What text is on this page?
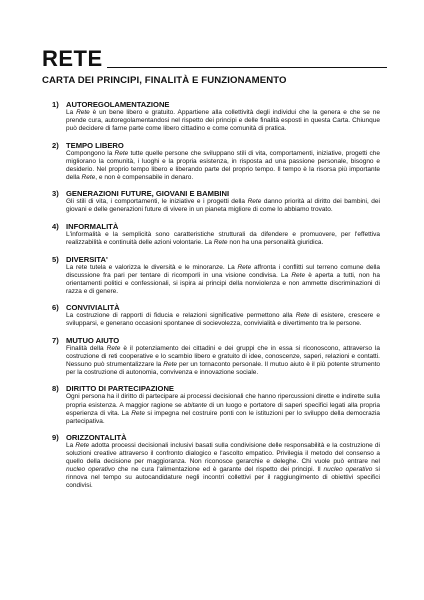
RETE
CARTA DEI PRINCIPI, FINALITÀ E FUNZIONAMENTO
1) AUTOREGOLAMENTAZIONE
La Rete è un bene libero e gratuito. Appartiene alla collettività degli individui che la genera e che se ne prende cura, autoregolamentandosi nel rispetto dei principi e delle finalità esposti in questa Carta. Chiunque può decidere di farne parte come libero cittadino e come comunità di pratica.
2) TEMPO LIBERO
Compongono la Rete tutte quelle persone che sviluppano stili di vita, comportamenti, iniziative, progetti che migliorano la comunità, i luoghi e la propria esistenza, in risposta ad una passione personale, bisogno e desiderio. Nel proprio tempo libero e liberando parte del proprio tempo. Il tempo è la risorsa più importante della Rete, e non è compensabile in denaro.
3) GENERAZIONI FUTURE, GIOVANI E BAMBINI
Gli stili di vita, i comportamenti, le iniziative e i progetti della Rete danno priorità al diritto dei bambini, dei giovani e delle generazioni future di vivere in un pianeta migliore di come lo abbiamo trovato.
4) INFORMALITÀ
L'informalità e la semplicità sono caratteristiche strutturali da difendere e promuovere, per l'effettiva realizzabilità e continuità delle azioni volontarie. La Rete non ha una personalità giuridica.
5) DIVERSITA'
La rete tutela e valorizza le diversità e le minoranze. La Rete affronta i conflitti sul terreno comune della discussione fra pari per tentare di ricomporli in una visione condivisa. La Rete è aperta a tutti, non ha orientamenti politici e confessionali, si ispira ai principi della nonviolenza e non ammette discriminazioni di razza e di genere.
6) CONVIVIALITÀ
La costruzione di rapporti di fiducia e relazioni significative permettono alla Rete di esistere, crescere e svilupparsi, e generano occasioni spontanee di socievolezza, convivialità e divertimento tra le persone.
7) MUTUO AIUTO
Finalità della Rete è il potenziamento dei cittadini e dei gruppi che in essa si riconoscono, attraverso la costruzione di reti cooperative e lo scambio libero e gratuito di idee, conoscenze, saperi, relazioni e contatti. Nessuno può strumentalizzare la Rete per un tornaconto personale. Il mutuo aiuto è il più potente strumento per la costruzione di autonomia, convivenza e innovazione sociale.
8) DIRITTO DI PARTECIPAZIONE
Ogni persona ha il diritto di partecipare ai processi decisionali che hanno ripercussioni dirette e indirette sulla propria esistenza. A maggior ragione se abitante di un luogo e portatore di saperi specifici legati alla propria esperienza di vita. La Rete si impegna nel costruire ponti con le istituzioni per lo sviluppo della democrazia partecipativa.
9) ORIZZONTALITÀ
La Rete adotta processi decisionali inclusivi basati sulla condivisione delle responsabilità e la costruzione di soluzioni creative attraverso il confronto dialogico e l'ascolto empatico. Privilegia il metodo del consenso a quello della decisione per maggioranza. Non riconosce gerarchie e deleghe. Chi vuole può entrare nel nucleo operativo che ne cura l'alimentazione ed è garante del rispetto dei principi. Il nucleo operativo si rinnova nel tempo su autocandidature negli incontri collettivi per il raggiungimento di obiettivi specifici condivisi.
